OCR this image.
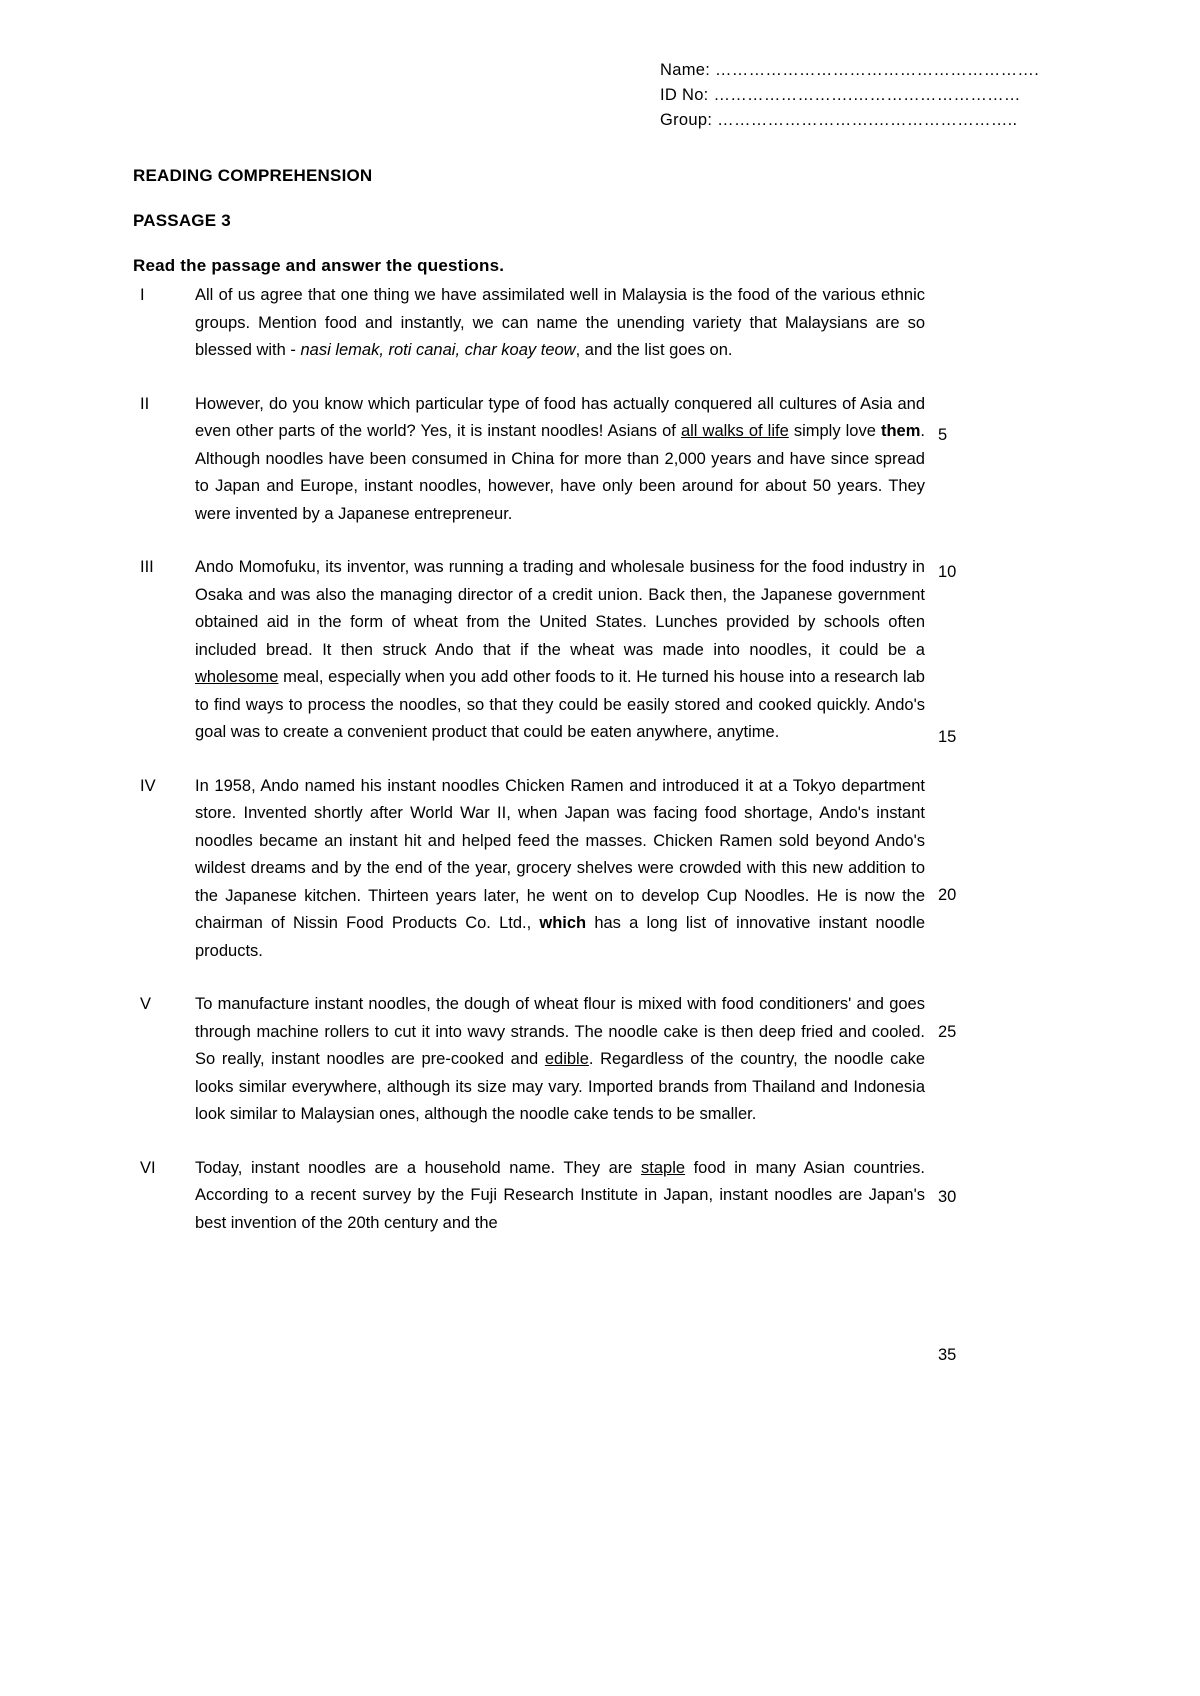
Name: ………………………………………………….
ID No: …………………….…………………………
Group: ……………………….……………………..
READING COMPREHENSION
PASSAGE 3
Read the passage and answer the questions.
I	All of us agree that one thing we have assimilated well in Malaysia is the food of the various ethnic groups. Mention food and instantly, we can name the unending variety that Malaysians are so blessed with - nasi lemak, roti canai, char koay teow, and the list goes on.
II	However, do you know which particular type of food has actually conquered all cultures of Asia and even other parts of the world? Yes, it is instant noodles! Asians of all walks of life simply love them. Although noodles have been consumed in China for more than 2,000 years and have since spread to Japan and Europe, instant noodles, however, have only been around for about 50 years. They were invented by a Japanese entrepreneur.
III	Ando Momofuku, its inventor, was running a trading and wholesale business for the food industry in Osaka and was also the managing director of a credit union. Back then, the Japanese government obtained aid in the form of wheat from the United States. Lunches provided by schools often included bread. It then struck Ando that if the wheat was made into noodles, it could be a wholesome meal, especially when you add other foods to it. He turned his house into a research lab to find ways to process the noodles, so that they could be easily stored and cooked quickly. Ando's goal was to create a convenient product that could be eaten anywhere, anytime.
IV	In 1958, Ando named his instant noodles Chicken Ramen and introduced it at a Tokyo department store. Invented shortly after World War II, when Japan was facing food shortage, Ando's instant noodles became an instant hit and helped feed the masses. Chicken Ramen sold beyond Ando's wildest dreams and by the end of the year, grocery shelves were crowded with this new addition to the Japanese kitchen. Thirteen years later, he went on to develop Cup Noodles. He is now the chairman of Nissin Food Products Co. Ltd., which has a long list of innovative instant noodle products.
V	To manufacture instant noodles, the dough of wheat flour is mixed with food conditioners' and goes through machine rollers to cut it into wavy strands. The noodle cake is then deep fried and cooled. So really, instant noodles are pre-cooked and edible. Regardless of the country, the noodle cake looks similar everywhere, although its size may vary. Imported brands from Thailand and Indonesia look similar to Malaysian ones, although the noodle cake tends to be smaller.
VI	Today, instant noodles are a household name. They are staple food in many Asian countries. According to a recent survey by the Fuji Research Institute in Japan, instant noodles are Japan's best invention of the 20th century and the
5
10
15
20
25
30
35
